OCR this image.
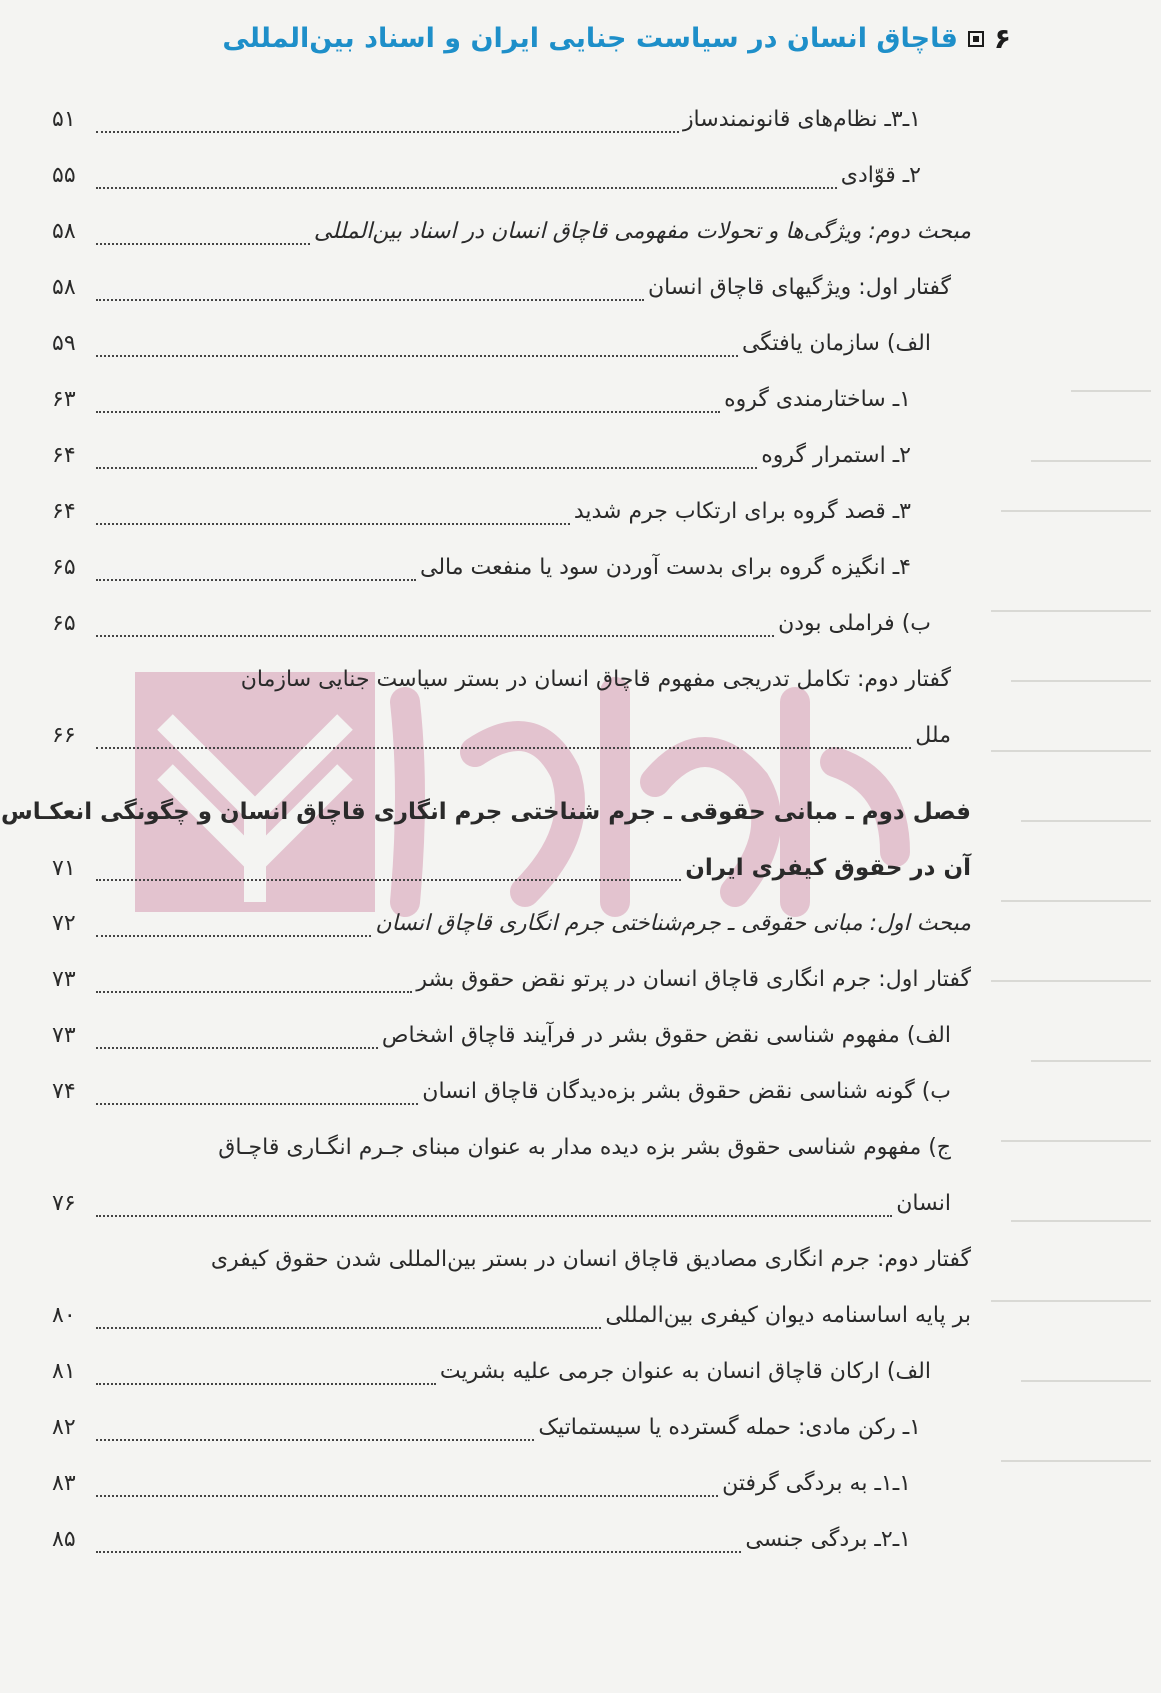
۶
قاچاق انسان در سیاست جنایی ایران و اسناد بین‌المللی
۱ـ۳ـ نظام‌های قانونمندساز
۵۱
۲ـ قوّادی
۵۵
مبحث دوم: ویژگی‌ها و تحولات مفهومی قاچاق انسان در اسناد بین‌المللی
۵۸
گفتار اول: ویژگیهای قاچاق انسان
۵۸
الف) سازمان یافتگی
۵۹
۱ـ ساختارمندی گروه
۶۳
۲ـ استمرار گروه
۶۴
۳ـ قصد گروه برای ارتکاب جرم شدید
۶۴
۴ـ انگیزه گروه برای بدست آوردن سود یا منفعت مالی
۶۵
ب) فراملی بودن
۶۵
گفتار دوم: تکامل تدریجی مفهوم قاچاق انسان در بستر سیاست جنایی سازمان
ملل
۶۶
فصل دوم ـ مبانی حقوقی ـ جرم شناختی جرم انگاری قاچاق انسان و چگونگی انعکـاس
آن در حقوق کیفری ایران
۷۱
مبحث اول: مبانی حقوقی ـ جرم‌شناختی جرم انگاری قاچاق انسان
۷۲
گفتار اول: جرم انگاری قاچاق انسان در پرتو نقض حقوق بشر
۷۳
الف) مفهوم شناسی نقض حقوق بشر در فرآیند قاچاق اشخاص
۷۳
ب) گونه شناسی نقض حقوق بشر بزه‌دیدگان قاچاق انسان
۷۴
ج) مفهوم شناسی حقوق بشر بزه دیده مدار به عنوان مبنای جـرم انگـاری قاچـاق
انسان
۷۶
گفتار دوم: جرم انگاری مصادیق قاچاق انسان در بستر بین‌المللی شدن حقوق کیفری
بر پایه اساسنامه دیوان کیفری بین‌المللی
۸۰
الف) ارکان قاچاق انسان به عنوان جرمی علیه بشریت
۸۱
۱ـ رکن مادی: حمله گسترده یا سیستماتیک
۸۲
۱ـ۱ـ به بردگی گرفتن
۸۳
۱ـ۲ـ بردگی جنسی
۸۵
